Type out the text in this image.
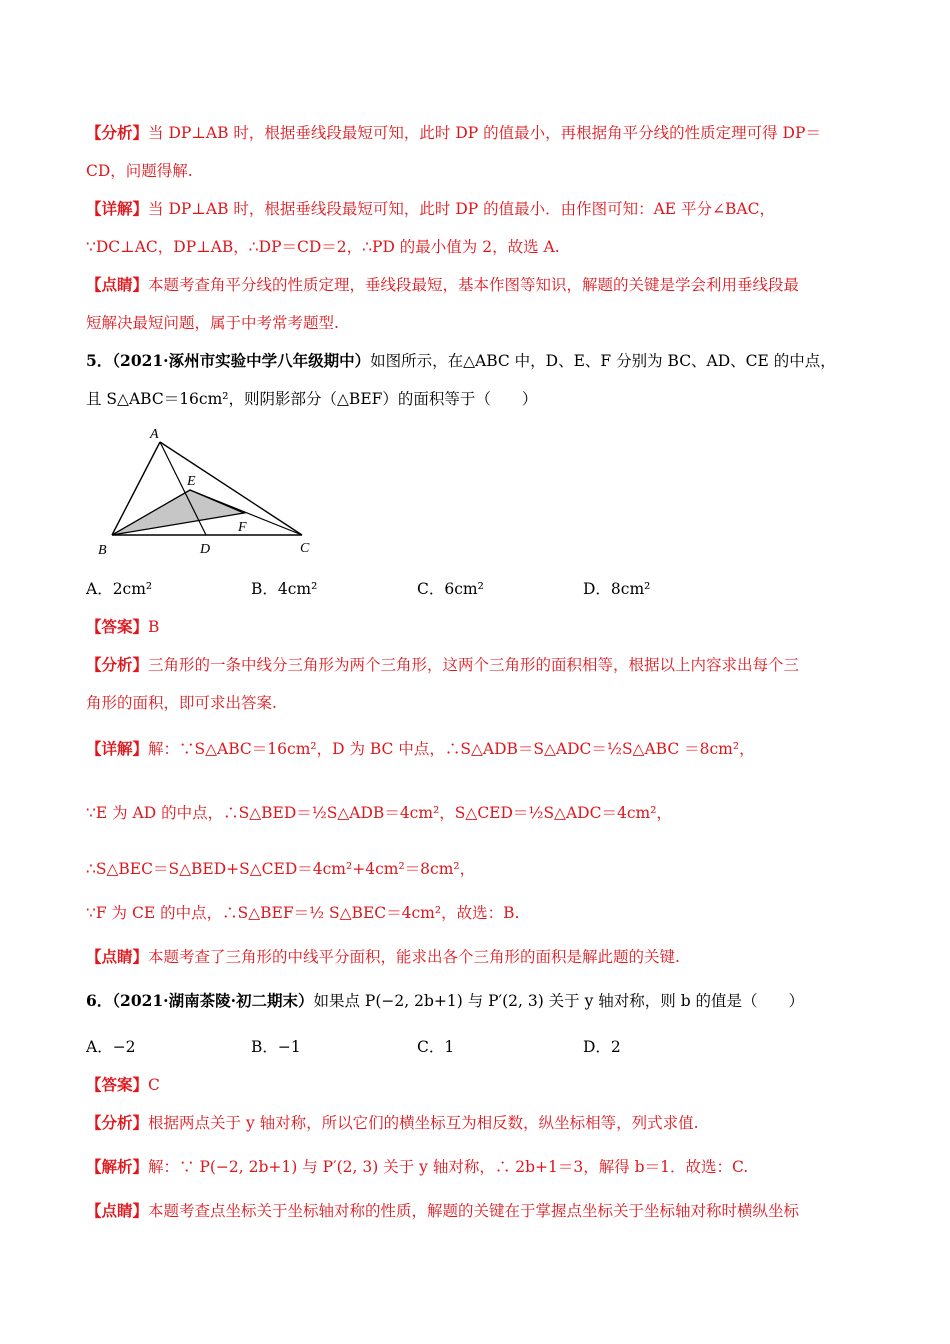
【分析】当 DP⊥AB 时，根据垂线段最短可知，此时 DP 的值最小，再根据角平分线的性质定理可得 DP＝
CD，问题得解.
【详解】当 DP⊥AB 时，根据垂线段最短可知，此时 DP 的值最小．由作图可知：AE 平分∠BAC，
∵DC⊥AC，DP⊥AB，∴DP＝CD＝2，∴PD 的最小值为 2，故选 A.
【点睛】本题考查角平分线的性质定理，垂线段最短，基本作图等知识，解题的关键是学会利用垂线段最
短解决最短问题，属于中考常考题型.
5．（2021·涿州市实验中学八年级期中）如图所示，在△ABC 中，D、E、F 分别为 BC、AD、CE 的中点，
且 S△ABC＝16cm²，则阴影部分（△BEF）的面积等于（　　）
A
B	C
D
E
F
A．2cm²	B．4cm²	C．6cm²	D．8cm²
【答案】B
【分析】三角形的一条中线分三角形为两个三角形，这两个三角形的面积相等，根据以上内容求出每个三
角形的面积，即可求出答案.
【详解】解：∵S△ABC＝16cm²，D 为 BC 中点，∴S△ADB＝S△ADC＝½S△ABC ＝8cm²，
∵E 为 AD 的中点，∴S△BED＝½S△ADB＝4cm²，S△CED＝½S△ADC＝4cm²，
∴S△BEC＝S△BED+S△CED＝4cm²+4cm²＝8cm²，
∵F 为 CE 的中点，∴S△BEF＝½ S△BEC＝4cm²，故选：B.
【点睛】本题考查了三角形的中线平分面积，能求出各个三角形的面积是解此题的关键.
6．（2021·湖南茶陵·初二期末）如果点 P(−2, 2b+1) 与 P′(2, 3) 关于 y 轴对称，则 b 的值是（　　）
A．−2	B．−1	C．1	D．2
【答案】C
【分析】根据两点关于 y 轴对称，所以它们的横坐标互为相反数，纵坐标相等，列式求值.
【解析】解：∵ P(−2, 2b+1) 与 P′(2, 3) 关于 y 轴对称，∴ 2b+1＝3，解得 b＝1．故选：C.
【点睛】本题考查点坐标关于坐标轴对称的性质，解题的关键在于掌握点坐标关于坐标轴对称时横纵坐标
